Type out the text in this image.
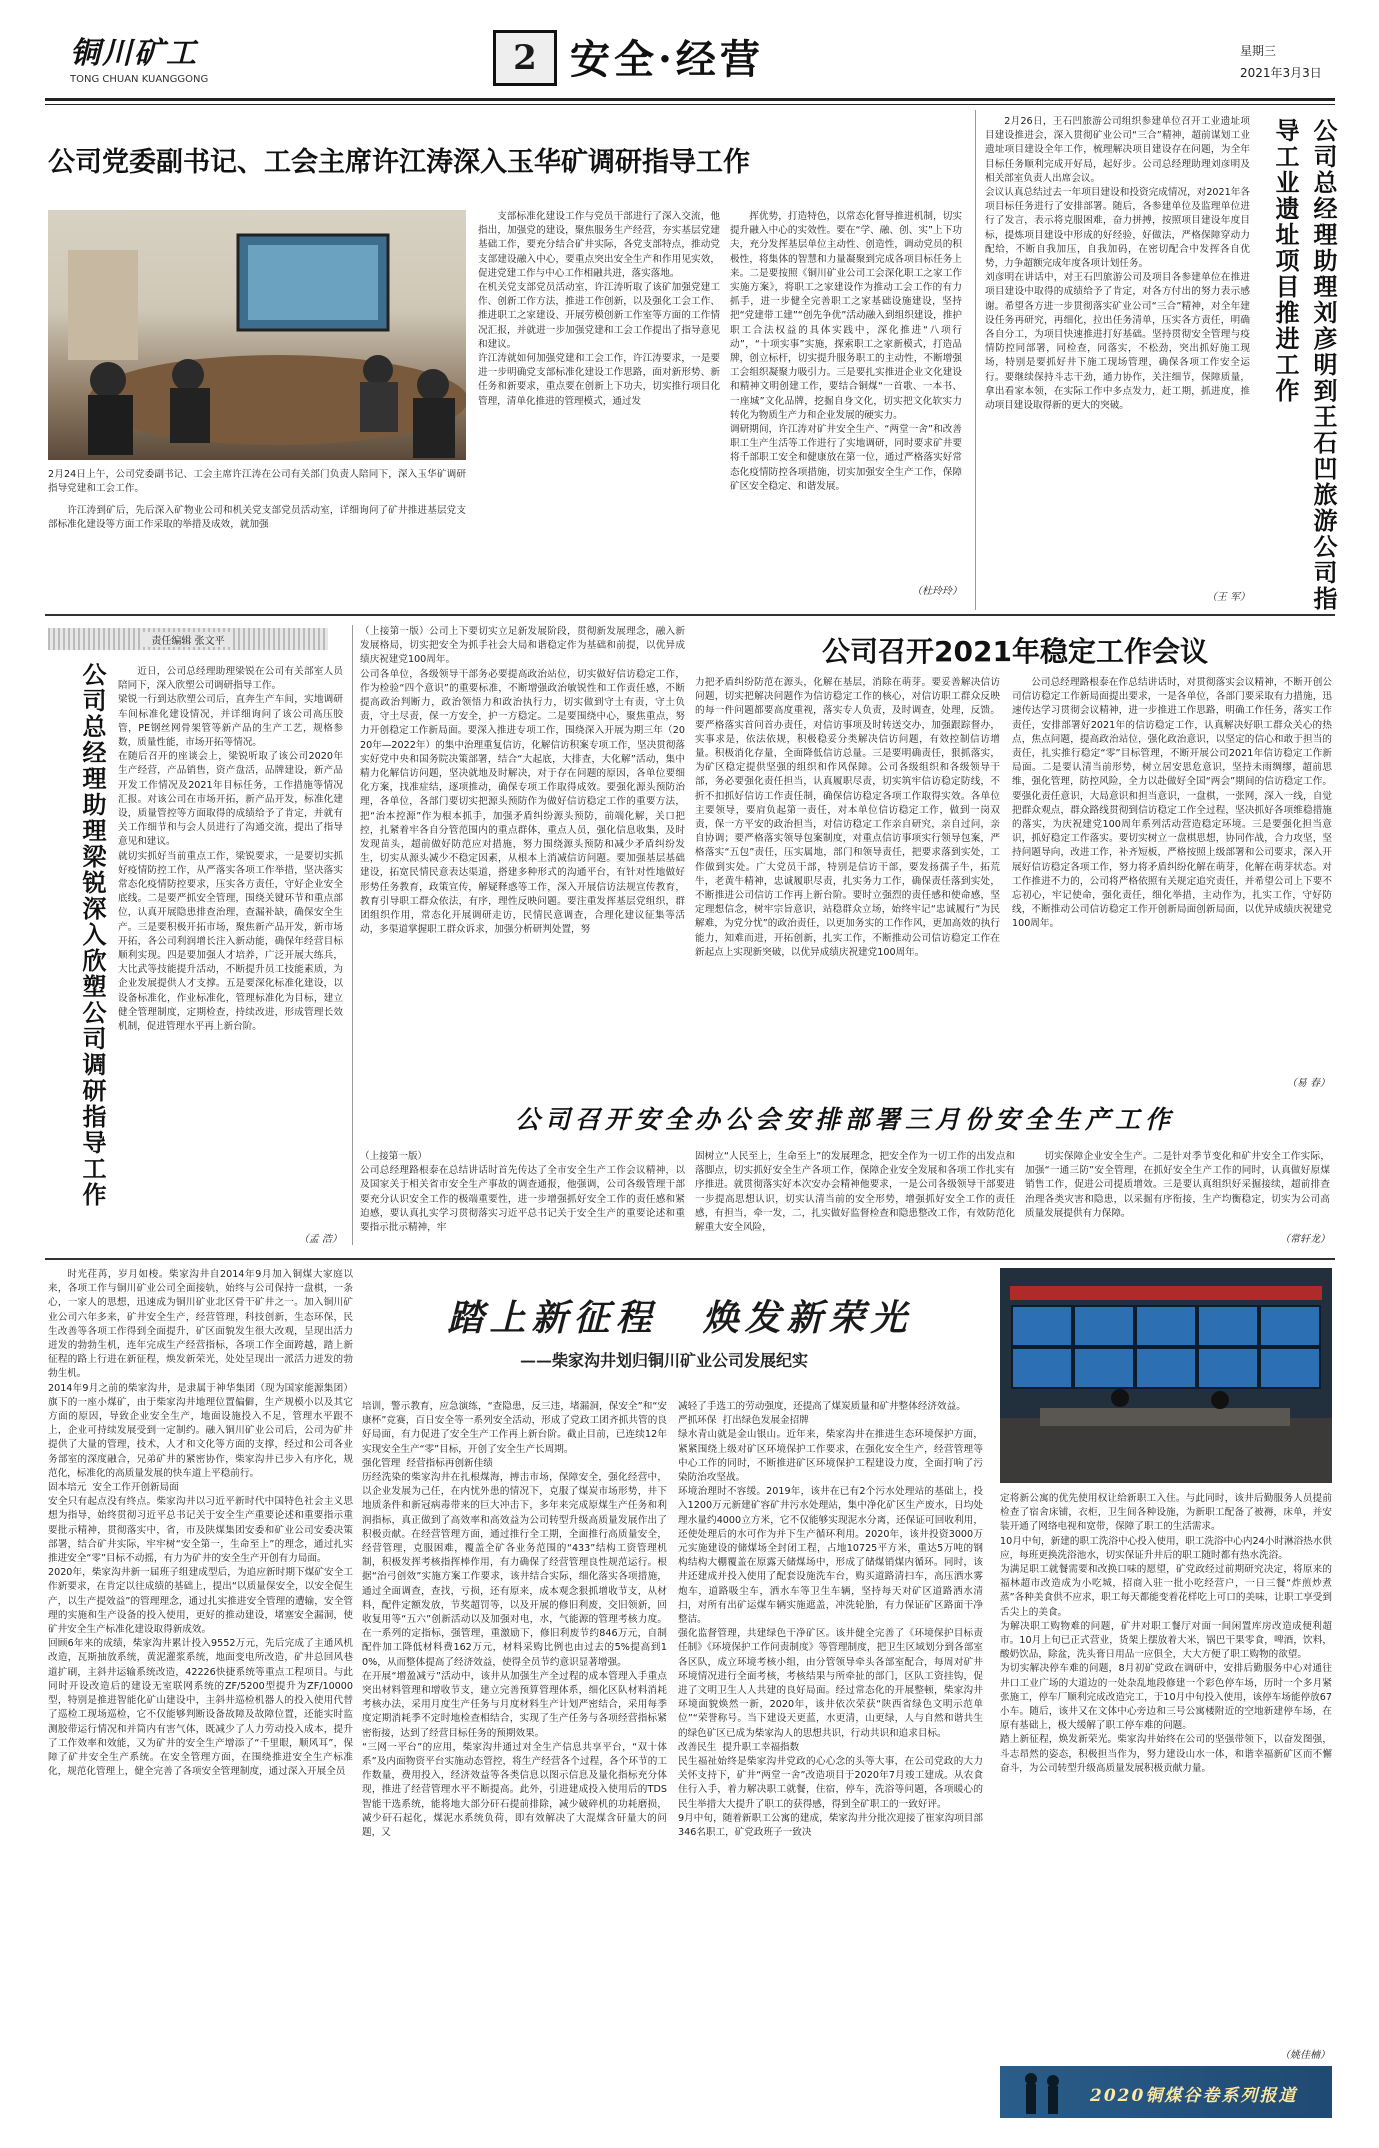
铜川矿工
TONG CHUAN KUANGGONG
2 安全·经营	星期三
2021年3月3日
公司党委副书记、工会主席许江涛深入玉华矿调研指导工作
2月24日上午，公司党委副书记、工会主席许江涛在公司有关部门负责人陪同下，深入玉华矿调研指导党建和工会工作。
许江涛到矿后，先后深入矿物业公司和机关党支部党员活动室，详细询问了矿井推进基层党支部标准化建设等方面工作采取的举措及成效，就加强
支部标准化建设工作与党员干部进行了深入交流，他指出，加强党的建设，聚焦服务生产经营，夯实基层党建基础工作，要充分结合矿井实际，各党支部特点，推动党支部建设融入中心，要重点突出安全生产和作用见实效，促进党建工作与中心工作相融共进，落实落地。
在机关党支部党员活动室，许江涛听取了该矿加强党建工作、创新工作方法，推进工作创新，以及强化工会工作、推进职工之家建设、开展劳模创新工作室等方面的工作情况汇报，并就进一步加强党建和工会工作提出了指导意见和建议。
许江涛就如何加强党建和工会工作，许江涛要求，一是要进一步明确党支部标准化建设工作思路，面对新形势、新任务和新要求，重点要在创新上下功夫，切实推行项目化管理，清单化推进的管理模式，通过发
挥优势，打造特色，以常态化督导推进机制，切实提升融入中心的实效性。要在“学、融、创、实”上下功夫，充分发挥基层单位主动性、创造性，调动党员的积极性，将集体的智慧和力量凝聚到完成各项目标任务上来。二是要按照《铜川矿业公司工会深化职工之家工作实施方案》，将职工之家建设作为推动工会工作的有力抓手，进一步健全完善职工之家基础设施建设，坚持把“党建带工建”“创先争优”活动融入到组织建设，推护职工合法权益的具体实践中，深化推进“八项行动”，“十项实事”实施，探索职工之家新模式，打造品牌，创立标杆，切实提升服务职工的主动性，不断增强工会组织凝聚力吸引力。三是要扎实推进企业文化建设和精神文明创建工作，要结合铜煤“一首歌、一本书、一座城”文化品牌，挖掘自身文化，切实把文化软实力转化为物质生产力和企业发展的硬实力。
调研期间，许江涛对矿井安全生产、“两堂一舍”和改善职工生产生活等工作进行了实地调研，同时要求矿井要将千部职工安全和健康放在第一位，通过严格落实好常态化疫情防控各项措施，切实加强安全生产工作，保障矿区安全稳定、和谐发展。
（杜玲玲）
2月26日，王石凹旅游公司组织参建单位召开工业遗址项目建设推进会，深入贯彻矿业公司“三合”精神，超前谋划工业遗址项目建设全年工作，梳理解决项目建设存在问题，为全年目标任务顺利完成开好局，起好步。公司总经理助理刘彦明及相关部室负责人出席会议。
会议认真总结过去一年项目建设和投资完成情况，对2021年各项目标任务进行了安排部署。随后，各参建单位及监理单位进行了发言，表示将克服困难，奋力拼搏，按照项目建设年度目标，提炼项目建设中形成的好经验，好做法，严格保障穿动力配给，不断自我加压，自我加码，在密切配合中发挥各自优势，力争超额完成年度各项计划任务。
刘彦明在讲话中，对王石凹旅游公司及项目各参建单位在推进项目建设中取得的成绩给予了肯定，对各方付出的努力表示感谢。希望各方进一步贯彻落实矿业公司“三合”精神，对全年建设任务再研究，再细化，拉出任务清单，压实各方责任，明确各自分工，为项目快速推进打好基础。坚持贯彻安全管理与疫情防控同部署，同检查，同落实，不松劲，突出抓好施工现场，特别是要抓好井下施工现场管理，确保各项工作安全运行。要继续保持斗志干劲，通力协作，关注细节，保障质量，拿出看家本领，在实际工作中多点发力，赶工期，抓进度，推动项目建设取得新的更大的突破。
（王 军）	公司总经理助理刘彦明到王石凹旅游公司指导工业遗址项目推进工作
责任编辑 张文平
公司总经理助理梁锐深入欣塑公司调研指导工作	近日，公司总经理助理梁锐在公司有关部室人员陪同下，深入欣塑公司调研指导工作。
梁锐一行到达欣塑公司后，直奔生产车间，实地调研车间标准化建设情况，并详细询问了该公司高压胶管，PE钢丝网骨架管等新产品的生产工艺，规格参数，质量性能，市场开拓等情况。
在随后召开的座谈会上，梁锐听取了该公司2020年生产经营，产品销售，资产盘活，品牌建设，新产品开发工作情况及2021年目标任务，工作措施等情况汇报。对该公司在市场开拓，新产品开发，标准化建设，质量管控等方面取得的成绩给予了肯定，并就有关工作细节和与会人员进行了沟通交流，提出了指导意见和建议。
就切实抓好当前重点工作，梁锐要求，一是要切实抓好疫情防控工作，从严落实各项工作举措，坚决落实常态化疫情防控要求，压实各方责任，守好企业安全底线。二是要严抓安全管理，围绕关键环节和重点部位，认真开展隐患排查治理，查漏补缺，确保安全生产。三是要积极开拓市场，聚焦新产品开发，新市场开拓，各公司利润增长注入新动能，确保年经营目标顺利实现。四是要加强人才培养，广泛开展大练兵，大比武等技能提升活动，不断提升员工技能素质，为企业发展提供人才支撑。五是要深化标准化建设，以设备标准化，作业标准化，管理标准化为目标，建立健全管理制度，定期检查，持续改进，形成管理长效机制，促进管理水平再上新台阶。
（孟 浩）
（上接第一版）公司上下要切实立足新发展阶段，贯彻新发展理念，融入新发展格局，切实把安全为抓手社会大局和谐稳定作为基础和前提，以优异成绩庆祝建党100周年。
公司各单位，各级领导干部务必要提高政治站位，切实做好信访稳定工作，作为检验“四个意识”的重要标准，不断增强政治敏锐性和工作责任感，不断提高政治判断力，政治领悟力和政治执行力，切实做到守土有责，守土负责，守土尽责，保一方安全，护一方稳定。二是要围绕中心，聚焦重点，努力开创稳定工作新局面。要深入推进专项工作，围绕深入开展为期三年（2020年—2022年）的集中治理重复信访，化解信访积案专项工作，坚决贯彻落实好党中央和国务院决策部署，结合“大起底，大排查，大化解”活动，集中精力化解信访问题，坚决就地及时解决，对于存在问题的原因，各单位要细化方案，找准症结，逐项推动，确保专项工作取得成效。要强化源头预防治理，各单位，各部门要切实把源头预防作为做好信访稳定工作的重要方法，把“治本控源”作为根本抓手，加强矛盾纠纷源头预防，前端化解，关口把控，扎紧着牢各自分管范围内的重点群体，重点人员，强化信息收集，及时发现苗头，超前做好防范应对措施，努力围绕源头预防和减少矛盾纠纷发生，切实从源头减少不稳定因素，从根本上消减信访问题。要加强基层基础建设，拓宽民情民意表达渠道，搭建多种形式的沟通平台，有针对性地做好形势任务教育，政策宣传，解疑释惑等工作，深入开展信访法规宣传教育，教育引导职工群众依法，有序，理性反映问题。要注重发挥基层党组织，群团组织作用，常态化开展调研走访，民情民意调查，合理化建议征集等活动，多渠道掌握职工群众诉求，加强分析研判处置，努
公司召开2021年稳定工作会议
力把矛盾纠纷防范在源头，化解在基层，消除在萌芽。要妥善解决信访问题，切实把解决问题作为信访稳定工作的核心，对信访职工群众反映的每一件问题都要高度重视，落实专人负责，及时调查，处理，反馈。要严格落实首问首办责任，对信访事项及时转送交办，加强跟踪督办，实事求是，依法依规，积极稳妥分类解决信访问题，有效控制信访增量。积极消化存量，全面降低信访总量。三是要明确责任，狠抓落实，为矿区稳定提供坚强的组织和作风保障。公司各级组织和各级领导干部，务必要强化责任担当，认真履职尽责，切实筑牢信访稳定防线，不折不扣抓好信访工作责任制，确保信访稳定各项工作取得实效。各单位主要领导，要肩负起第一责任，对本单位信访稳定工作，做到一岗双责，保一方平安的政治担当，对信访稳定工作亲自研究，亲自过问，亲自协调；要严格落实领导包案制度，对重点信访事项实行领导包案，严格落实“五包”责任，压实属地，部门和领导责任，把要求落到实处，工作做到实处。广大党员干部，特别是信访干部，要发扬孺子牛，拓荒牛，老黄牛精神，忠诚履职尽责，扎实务力工作，确保责任落到实处，不断推进公司信访工作再上新台阶。要时立强烈的责任感和使命感，坚定理想信念，树牢宗旨意识，站稳群众立场，始终牢记“忠诚履行”为民解难，为党分忧”的政治责任，以更加务实的工作作风，更加高效的执行能力，知难而进，开拓创新，扎实工作，不断推动公司信访稳定工作在新起点上实现新突破，以优异成绩庆祝建党100周年。
公司总经理路根泰在作总结讲话时，对贯彻落实会议精神，不断开创公司信访稳定工作新局面提出要求，一是各单位，各部门要采取有力措施，迅速传达学习贯彻会议精神，进一步推进工作思路，明确工作任务，落实工作责任，安排部署好2021年的信访稳定工作，认真解决好职工群众关心的热点，焦点问题，提高政治站位，强化政治意识，以坚定的信心和敢于担当的责任，扎实推行稳定“零”目标管理，不断开展公司2021年信访稳定工作新局面。二是要认清当前形势，树立居安思危意识，坚持未雨绸缪，超前思维，强化管理，防控风险，全力以赴做好全国“两会”期间的信访稳定工作。要强化责任意识，大局意识和担当意识，一盘棋，一张网，深入一线，自觉把群众观点，群众路线贯彻到信访稳定工作全过程，坚决抓好各项维稳措施的落实，为庆祝建党100周年系列活动营造稳定环境。三是要强化担当意识，抓好稳定工作落实。要切实树立一盘棋思想，协同作战，合力攻坚，坚持问题导向，改进工作，补齐短板，严格按照上级部署和公司要求，深入开展好信访稳定各项工作，努力将矛盾纠纷化解在萌芽，化解在萌芽状态。对工作推进不力的，公司将严格依照有关规定追究责任，并希望公司上下要不忘初心，牢记使命，强化责任，细化举措，主动作为，扎实工作，守好防线，不断推动公司信访稳定工作开创新局面创新局面，以优异成绩庆祝建党100周年。
（易 春）
公司召开安全办公会安排部署三月份安全生产工作
（上接第一版）
公司总经理路根泰在总结讲话时首先传达了全市安全生产工作会议精神，以及国家关于相关省市安全生产事故的调查通报，他强调，公司各级管理干部要充分认识安全工作的极端重要性，进一步增强抓好安全工作的责任感和紧迫感，要认真扎实学习贯彻落实习近平总书记关于安全生产的重要论述和重要指示批示精神，牢
固树立“人民至上，生命至上”的发展理念，把安全作为一切工作的出发点和落脚点，切实抓好安全生产各项工作，保障企业安全发展和各项工作扎实有序推进。就贯彻落实好本次安办会精神他要求，一是公司各级领导干部要进一步提高思想认识，切实认清当前的安全形势，增强抓好安全工作的责任感，有担当，牵一发，二，扎实做好监督检查和隐患整改工作，有效防范化解重大安全风险，
切实保障企业安全生产。二是针对季节变化和矿井安全工作实际，加强“一通三防”安全管理，在抓好安全生产工作的同时，认真做好原煤销售工作，促进公司提质增效。三是要认真组织好采掘接续，超前排查治理各类灾害和隐患，以采掘有序衔接，生产均衡稳定，切实为公司高质量发展提供有力保障。
（常轩龙）
时光荏苒，岁月如梭。柴家沟井自2014年9月加入铜煤大家庭以来，各项工作与铜川矿业公司全面接轨，始终与公司保持一盘棋，一条心，一家人的思想，迅速成为铜川矿业北区骨干矿井之一。加入铜川矿业公司六年多来，矿井安全生产，经营管理，科技创新，生态环保，民生改善等各项工作得到全面提升，矿区面貌发生很大改观，呈现出活力迸发的勃勃生机，连年完成生产经营指标，各项工作全面跨越，踏上新征程的路上行进在新征程，焕发新荣光，处处呈现出一派活力迸发的勃勃生机。
2014年9月之前的柴家沟井，是隶属于神华集团（现为国家能源集团）旗下的一座小煤矿，由于柴家沟井地理位置偏僻，生产规模小以及其它方面的原因，导致企业安全生产，地面设施投入不足，管理水平跟不上，企业可持续发展受到一定制约。融入铜川矿业公司后，公司为矿井提供了大量的管理，技术，人才和文化等方面的支撑，经过和公司各业务部室的深度融合，兄弟矿井的紧密协作，柴家沟井已步入有序化，规范化，标准化的高质量发展的快车道上平稳前行。
固本培元  安全工作开创新局面
安全只有起点没有终点。柴家沟井以习近平新时代中国特色社会主义思想为指导，始终贯彻习近平总书记关于安全生产重要论述和重要指示重要批示精神，贯彻落实中，省，市及陕煤集团安委和矿业公司安委决策部署，结合矿井实际，牢牢树“安全第一，生命至上”的理念，通过扎实推进安全“零”目标不动摇，有力为矿井的安全生产开创有力局面。
2020年，柴家沟井新一届班子组建成型后，为追应新时期下煤矿安全工作新要求，在肯定以往成绩的基础上，提出“以质量保安全，以安全促生产，以生产提效益”的管理理念，通过扎实推进安全管理的遭输，安全管理的实施和生产设备的投入使用，更好的推动建设，堵塞安全漏洞，使矿井安全生产标准化建设取得新成效。
回顾6年来的成绩，柴家沟井累计投入9552万元，先后完成了主通风机改造，瓦斯抽放系统，黄泥灌浆系统，地面变电所改造，矿井总回风巷道扩刷，主斜井运输系统改造，42226快捷系统等重点工程项目。与此同时开设改造后的建设无室联网系统的ZF/5200型提升为ZF/10000型，特别是推进智能化矿山建设中，主斜井巡检机器人的投入使用代替了巡检工现场巡检，它不仅能够判断设备故障及故障位置，还能实时监测胶带运行情况和并筒内有害气体，既减少了人力劳动投入成本，提升了工作效率和效能，又为矿井的安全生产增添了“千里眼，顺风耳”，保障了矿井安全生产系统。在安全管理方面，在围绕推进安全生产标准化，规范化管理上，健全完善了各项安全管理制度，通过深入开展全员
踏上新征程 焕发新荣光
——柴家沟井划归铜川矿业公司发展纪实
培训，警示教育，应急演练，“查隐患，反三违，堵漏洞，保安全”和“安康杯”竞赛，百日安全等一系列安全活动，形成了党政工团齐抓共管的良好局面，有力促进了安全生产工作再上新台阶。截止目前，已连续12年实现安全生产“零”目标，开创了安全生产长周期。
强化管理  经营指标再创新佳绩
历经洗染的柴家沟井在扎根煤海，搏击市场，保障安全，强化经营中，以企业发展为己任，在内忧外患的情况下，克服了煤炭市场形势，井下地质条件和新冠病毒带来的巨大冲击下，多年来完成原煤生产任务和利润指标，真正做到了高效率和高效益为公司转型升级高质量发展作出了积极贡献。在经营管理方面，通过推行全工期，全面推行高质量安全，经营管理，克服困难，覆盖全矿各业务范围的“433”结构工资管理机制，积极发挥考核指挥棒作用，有力确保了经营管理良性规范运行。根据“治弓创效”实施方案工作要求，该井结合实际，细化落实各项措施，通过全面调查，查找，亏损，还有原来，成本观念狠抓增收节支，从材料，配件定额发放，节奖超罚等，以及开展的修旧利废，交旧领新，回收复用等“五六”创新活动以及加强对电，水，气能源的管理考核力度。在一系列的定指标，强管理，重激励下，修旧利废节约846万元，自制配件加工降低材料费162万元，材料采购比例也由过去的5%提高到10%，从而整体提高了经济效益，使得全员节约意识显著增强。
在开展“增盈减亏”活动中，该井从加强生产全过程的成本管理入手重点突出材料管理和增收节支，建立完善预算管理体系，细化区队材料消耗考核办法，采用月度生产任务与月度材料生产计划严密结合，采用每季度定期消耗季不定时地检查相结合，实现了生产任务与各项经营指标紧密衔接，达到了经营目标任务的预期效果。
“三网一平台”的应用，柴家沟井通过对全生产信息共享平台，“双十体系”及内面物资平台实施动态管控，将生产经营各个过程，各个环节的工作数量，费用投入，经济效益等各类信息以图示信息及量化指标充分体现，推进了经营管理水平不断提高。此外，引进建成投入使用后的TDS智能干选系统，能将地大部分矸石提前排除，减少破碎机的功耗磨损，减少矸石起化，煤泥水系统负荷，即有效解决了大混煤含矸量大的问题，又
减轻了手选工的劳动强度，还提高了煤炭质量和矿井整体经济效益。
严抓环保  打出绿色发展金招牌
绿水青山就是金山银山。近年来，柴家沟井在推进生态环境保护方面，紧紧围绕上级对矿区环境保护工作要求，在强化安全生产，经营管理等中心工作的同时，不断推进矿区环境保护工程建设力度，全面打响了污染防治攻坚战。
环境治理时不容缓。2019年，该井在已有2个污水处理站的基础上，投入1200万元新建矿容矿井污水处理站，集中净化矿区生产废水，日均处理水量约4000立方米，它不仅能够实现泥水分离，还保证可回收利用，还使处理后的水可作为并下生产循环利用。2020年，该井投资3000万元实施建设的储煤场全封闭工程，占地10725平方米，重达5万吨的钢构结构大棚覆盖在原露天储煤场中，形成了储煤销煤内循环。同时，该井还建成并投入使用了配套设施洗车台，购买道路清扫车，高压洒水雾炮车，道路吸尘车，洒水车等卫生车辆，坚持每天对矿区道路洒水清扫，对所有出矿运煤车辆实施遮盖，冲洗轮胎，有力保证矿区路面干净整洁。
强化监督管理，共建绿色干净矿区。该井健全完善了《环境保护目标责任制》《环境保护工作问责制度》等管理制度，把卫生区域划分到各部室各区队，成立环境考核小组，由分管领导牵头各部室配合，每周对矿井环境情况进行全面考核，考核结果与所牵扯的部门，区队工资挂钩，促进了文明卫生人人共建的良好局面。经过常态化的开展整顿，柴家沟井环境面貌焕然一新，2020年，该井依次荣获“陕西省绿色文明示范单位”“荣誉称号。当下建设天更蓝，水更清，山更绿，人与自然和谐共生的绿色矿区已成为柴家沟人的思想共识，行动共识和追求目标。
改善民生  提升职工幸福指数
民生福祉始终是柴家沟井党政的心心念的头等大事，在公司党政的大力关怀支持下，矿井“两堂一舍”改造项目于2020年7月竣工建成。从农食住行入手，着力解决职工就餐，住宿，停车，洗浴等问题，各项暖心的民生举措大大提升了职工的获得感，得到全矿职工的一致好评。
9月中旬，随着新职工公寓的建成，柴家沟井分批次迎接了崔家沟项目部346名职工，矿党政班子一致决
定将新公寓的优先使用权让给新职工入住。与此同时，该井后勤服务人员提前检查了宿舍床铺，衣柜，卫生间各种设施，为新职工配备了被褥，床单，并安装开通了网络电视和宽带，保障了职工的生活需求。
10月中旬，新建的职工洗浴中心投入使用，职工洗浴中心内24小时淋浴热水供应，每班更换洗浴池水，切实保证升井后的职工随时都有热水洗浴。
为满足职工就餐需要和改换口味的愿望，矿党政经过前期研究决定，将原来的福林超市改造成为小吃城，招商入驻一批小吃经营户，一日三餐“炸煎炒煮蒸”各种美食供不应求，职工每天都能变着花样吃上可口的美味，让职工享受到舌尖上的美食。
为解决职工购物难的问题，矿井对职工餐厅对面一间闲置库房改造成便利超市。10月上旬已正式营业，货架上摆放着大米，锅巴干果零食，啤酒，饮料，酸奶饮品，除盆，洗头膏日用品一应俱全，大大方便了职工购物的欲望。
为切实解决停车难的问题，8月初矿党政在调研中，安排后勤服务中心对通往井口工业广场的大道边的一处杂乱地段修建一个彩色停车场，历时一个多月紧张施工，停车厂顺利完成改造完工，于10月中旬投入使用，该停车场能停放67小车。随后，该井又在文体中心旁边和三号公寓楼附近的空地新建停车场，在原有基础上，极大缓解了职工停车难的问题。
踏上新征程，焕发新荣光。柴家沟井始终在公司的坚强带领下，以奋发图强，斗志昂然的姿态，积极担当作为，努力建设山水一体，和谐幸福新矿区而不懈奋斗，为公司转型升级高质量发展积极贡献力量。
（姚佳楠）
2020铜煤谷卷系列报道
